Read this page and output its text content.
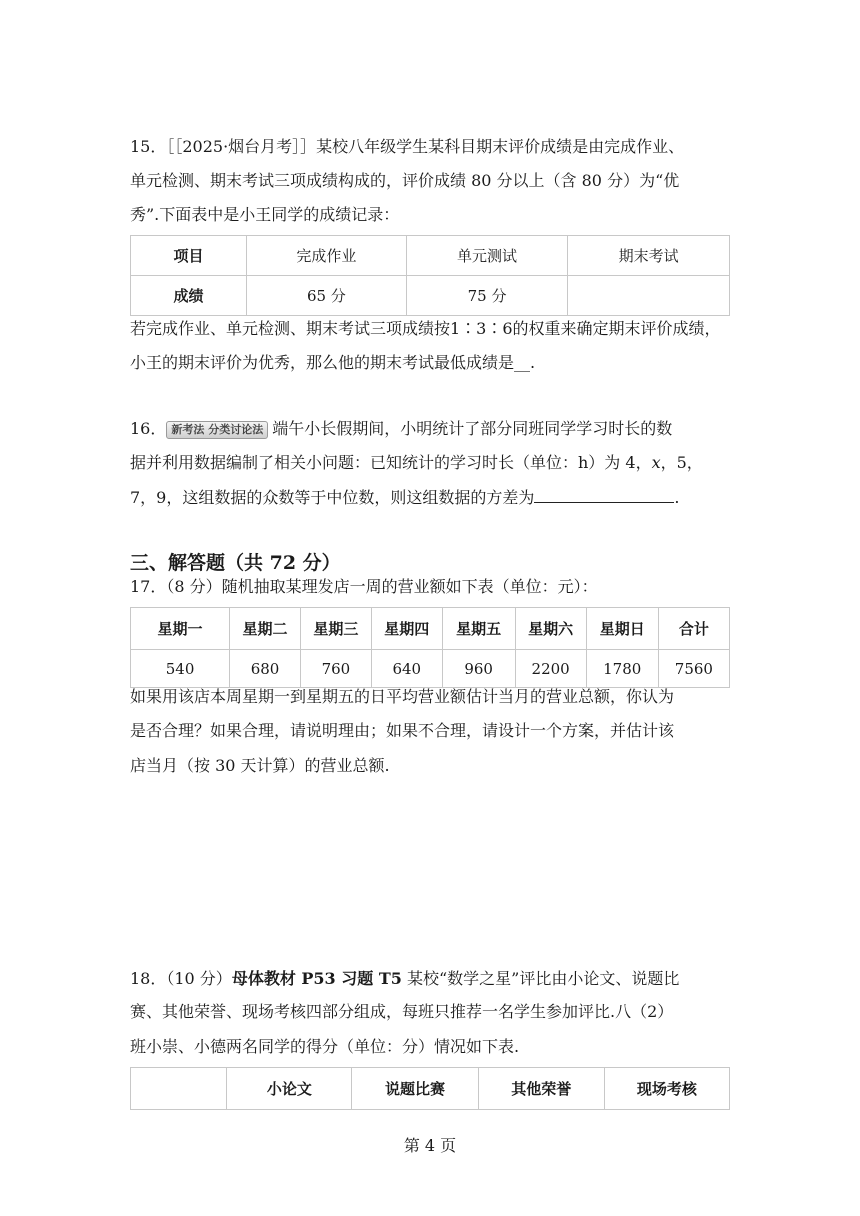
15．［［2025·烟台月考］］某校八年级学生某科目期末评价成绩是由完成作业、
单元检测、期末考试三项成绩构成的，评价成绩 80 分以上（含 80 分）为“优
秀”.下面表中是小王同学的成绩记录：
项目	完成作业	单元测试	期末考试
成绩	65 分	75 分	
若完成作业、单元检测、期末考试三项成绩按1∶3∶6的权重来确定期末评价成绩，
小王的期末评价为优秀，那么他的期末考试最低成绩是__.
16． 新考法 分类讨论法 端午小长假期间，小明统计了部分同班同学学习时长的数
据并利用数据编制了相关小问题：已知统计的学习时长（单位：h）为 4，𝑥，5，
7，9，这组数据的众数等于中位数，则这组数据的方差为	.
三、解答题（共 72 分）
17．（8 分）随机抽取某理发店一周的营业额如下表（单位：元）：
星期一	星期二	星期三	星期四	星期五	星期六	星期日	合计
540	680	760	640	960	2200	1780	7560
如果用该店本周星期一到星期五的日平均营业额估计当月的营业总额，你认为
是否合理？如果合理，请说明理由；如果不合理，请设计一个方案，并估计该
店当月（按 30 天计算）的营业总额.
18．（10 分）母体教材 P53 习题 T5 某校“数学之星”评比由小论文、说题比
赛、其他荣誉、现场考核四部分组成，每班只推荐一名学生参加评比.八（2）
班小崇、小德两名同学的得分（单位：分）情况如下表.
	小论文	说题比赛	其他荣誉	现场考核
第 4 页
